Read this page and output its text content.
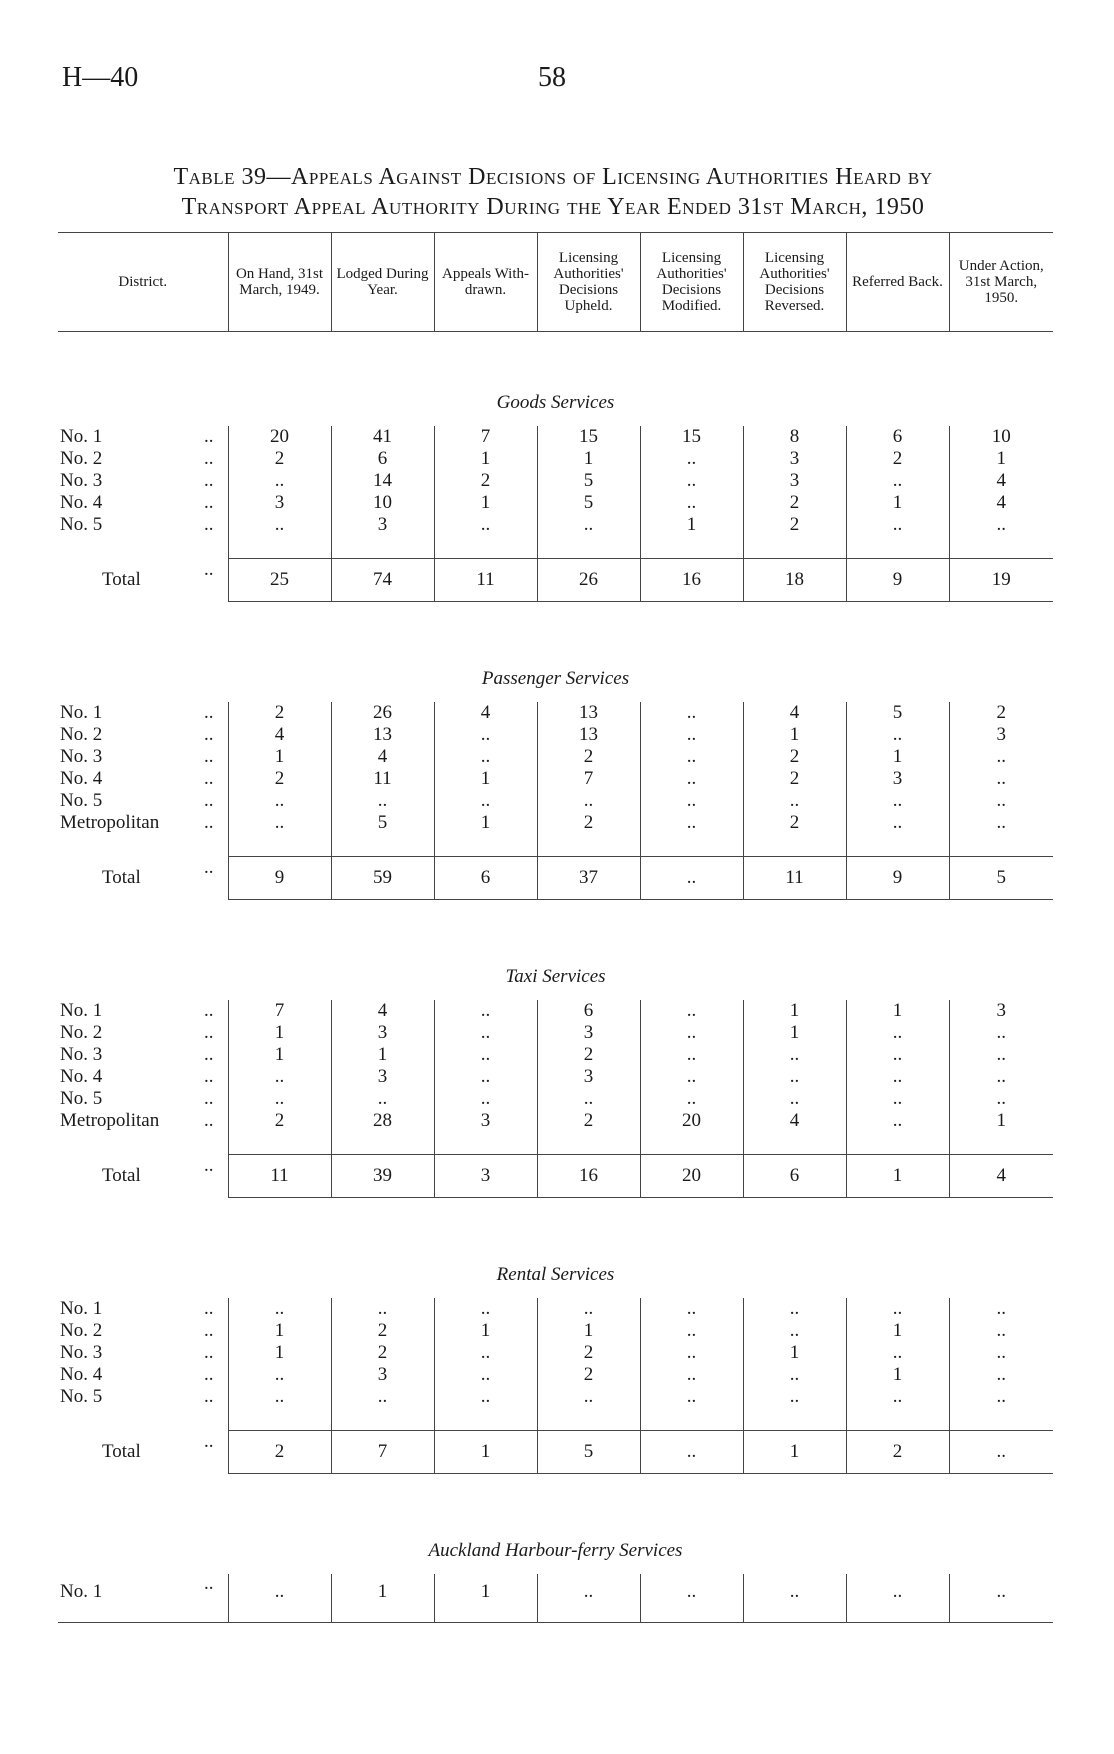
H—40	58
Table 39—Appeals Against Decisions of Licensing Authorities Heard by
Transport Appeal Authority During the Year Ended 31st March, 1950
District.	On Hand, 31st March, 1949.	Lodged During Year.	Appeals With- drawn.	Licensing Authorities' Decisions Upheld.	Licensing Authorities' Decisions Modified.	Licensing Authorities' Decisions Reversed.	Referred Back.	Under Action, 31st March, 1950.
Goods Services								
No. 1 ..	20	41	7	15	15	8	6	10
No. 2 ..	2	6	1	1	..	3	2	1
No. 3 ..	..	14	2	5	..	3	..	4
No. 4 ..	3	10	1	5	..	2	1	4
No. 5 ..	..	3	..	..	1	2	..	..

Total ..	25	74	11	26	16	18	9	19
Passenger Services								
No. 1 ..	2	26	4	13	..	4	5	2
No. 2 ..	4	13	..	13	..	1	..	3
No. 3 ..	1	4	..	2	..	2	1	..
No. 4 ..	2	11	1	7	..	2	3	..
No. 5 ..	..	..	..	..	..	..	..	..
Metropolitan ..	..	5	1	2	..	2	..	..

Total ..	9	59	6	37	..	11	9	5
Taxi Services								
No. 1 ..	7	4	..	6	..	1	1	3
No. 2 ..	1	3	..	3	..	1	..	..
No. 3 ..	1	1	..	2	..	..	..	..
No. 4 ..	..	3	..	3	..	..	..	..
No. 5 ..	..	..	..	..	..	..	..	..
Metropolitan ..	2	28	3	2	20	4	..	1

Total ..	11	39	3	16	20	6	1	4
Rental Services								
No. 1 ..	..	..	..	..	..	..	..	..
No. 2 ..	1	2	1	1	..	..	1	..
No. 3 ..	1	2	..	2	..	1	..	..
No. 4 ..	..	3	..	2	..	..	1	..
No. 5 ..	..	..	..	..	..	..	..	..

Total ..	2	7	1	5	..	1	2	..
Auckland Harbour-ferry Services								
No. 1 ..	..	1	1	..	..	..	..	..
